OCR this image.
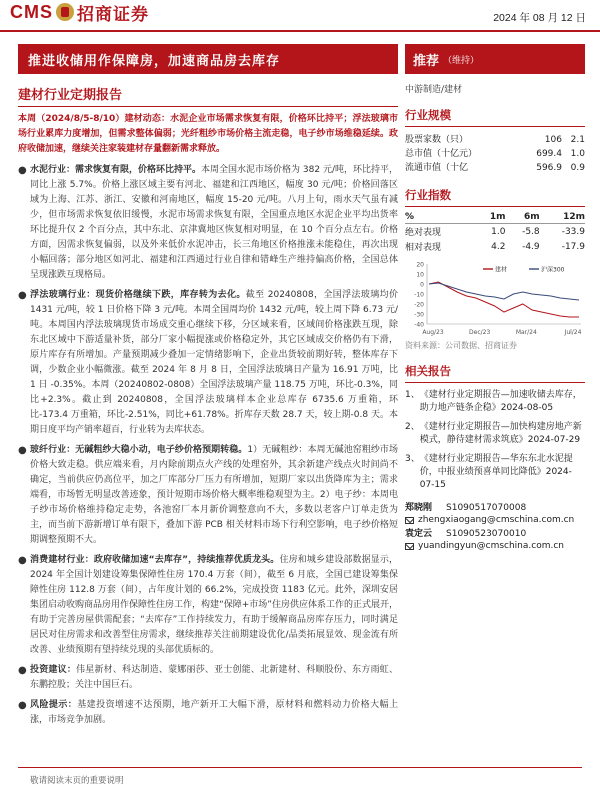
CMS 招商证券	2024 年 08 月 12 日
推进收储用作保障房，加速商品房去库存	推荐 （维持）
建材行业定期报告

本周（2024/8/5-8/10）建材动态：水泥企业市场需求恢复有限，价格环比持平；浮法玻璃市场行业累库力度增加，但需求整体偏弱；光纤粗纱市场价格主流走稳，电子纱市场维稳延续。政府收储加速，继续关注家装建材存量翻新需求释放。

● 水泥行业：需求恢复有限，价格环比持平。本周全国水泥市场价格为 382 元/吨，环比持平，同比上涨 5.7%。价格上涨区域主要有河北、福建和江西地区，幅度 30 元/吨；价格回落区域为上海、江苏、浙江、安徽和河南地区，幅度 15-20 元/吨。八月上旬，雨水天气虽有减少，但市场需求恢复依旧缓慢，水泥市场需求恢复有限，全国重点地区水泥企业平均出货率环比提升仅 2 个百分点，其中东北、京津冀地区恢复相对明显，在 10 个百分点左右。价格方面，因需求恢复偏弱，以及外来低价水泥冲击，长三角地区价格推涨未能稳住，再次出现小幅回落；部分地区如河北、福建和江西通过行业自律和错峰生产维持偏高价格，全国总体呈现涨跌互现格局。
● 浮法玻璃行业：现货价格继续下跌，库存转为去化。截至 20240808，全国浮法玻璃均价 1431 元/吨，较 1 日价格下降 3 元/吨。本周全国周均价 1432 元/吨，较上周下降 6.73 元/吨。本周国内浮法玻璃现货市场成交重心继续下移，分区域来看，区域间价格涨跌互现，除东北区域中下游适量补货，部分厂家小幅提涨或价格稳定外，其它区域成交价格仍有下滑，原片库存有所增加。产量预期减少叠加一定情绪影响下，企业出货较前期好转，整体库存下调，少数企业小幅微涨。截至 2024 年 8 月 8 日，全国浮法玻璃日产量为 16.91 万吨，比 1 日 -0.35%。本周（20240802-0808）全国浮法玻璃产量 118.75 万吨，环比-0.3%，同比+2.3%。截止到 20240808，全国浮法玻璃样本企业总库存 6735.6 万重箱，环比-173.4 万重箱，环比-2.51%，同比+61.78%。折库存天数 28.7 天，较上期-0.8 天。本期日度平均产销率超百，行业转为去库状态。
● 玻纤行业：无碱粗纱大稳小动，电子纱价格预期转稳。1）无碱粗纱：本周无碱池窑粗纱市场价格大致走稳。供应端来看，月内除前期点火产线的处理窑外，其余新建产线点火时间尚不确定，当前供应仍高位平，加之厂库部分厂压力有所增加，短期厂家以出货降库为主；需求端看，市场暂无明显改善迹象，预计短期市场价格大概率维稳观望为主。2）电子纱：本周电子纱市场价格维持稳定走势，各池窑厂本月新价调整意向不大，多数以老客户订单走货为主，而当前下游新增订单有限下，叠加下游 PCB 相关材料市场下行利空影响，电子纱价格短期调整预期不大。
● 消费建材行业：政府收储加速“去库存”，持续推荐优质龙头。住房和城乡建设部数据显示，2024 年全国计划建设筹集保障性住房 170.4 万套（间），截至 6 月底，全国已建设筹集保障性住房 112.8 万套（间），占年度计划的 66.2%，完成投资 1183 亿元。此外，深圳安居集团启动收购商品房用作保障性住房工作，构建“保障+市场”住房供应体系工作的正式展开，有助于完善房屋供需配套；“去库存”工作持续发力，有助于缓解商品房库存压力，同时满足居民对住房需求和改善型住房需求，继续推荐关注前期建设优化/品类拓展显效、现金流有所改善、业绩预期有望持续兑现的头部优质标的。
● 投资建议：伟星新材、科达制造、蒙娜丽莎、亚士创能、北新建材、科顺股份、东方雨虹、东鹏控股；关注中国巨石。
● 风险提示：基建投资增速不达预期，地产新开工大幅下滑，原材料和燃料动力价格大幅上涨，市场竞争加剧。
中游制造/建材
行业规模
股票家数（只）	106	2.1
总市值（十亿元）	699.4	1.0
流通市值（十亿	596.9	0.9
行业指数
%	1m	6m	12m
绝对表现	1.0	-5.8	-33.9
相对表现	4.2	-4.9	-17.9
20
10
0
-10
-20
-30
-40
Aug/23	Dec/23	Mar/24	Jul/24
建材	沪深300
资料来源：公司数据、招商证券
相关报告
1、 《建材行业定期报告—加速收储去库存，助力地产链条企稳》2024-08-05
2、 《建材行业定期报告—加快构建房地产新模式，静待建材需求筑底》2024-07-29
3、 《建材行业定期报告—华东东北水泥提价，中报业绩预喜单同比降低》2024-07-15
郑晓刚 S1090517070008
zhengxiaogang@cmschina.com.cn
袁定云 S1090523070010
yuandingyun@cmschina.com.cn
敬请阅读末页的重要说明
